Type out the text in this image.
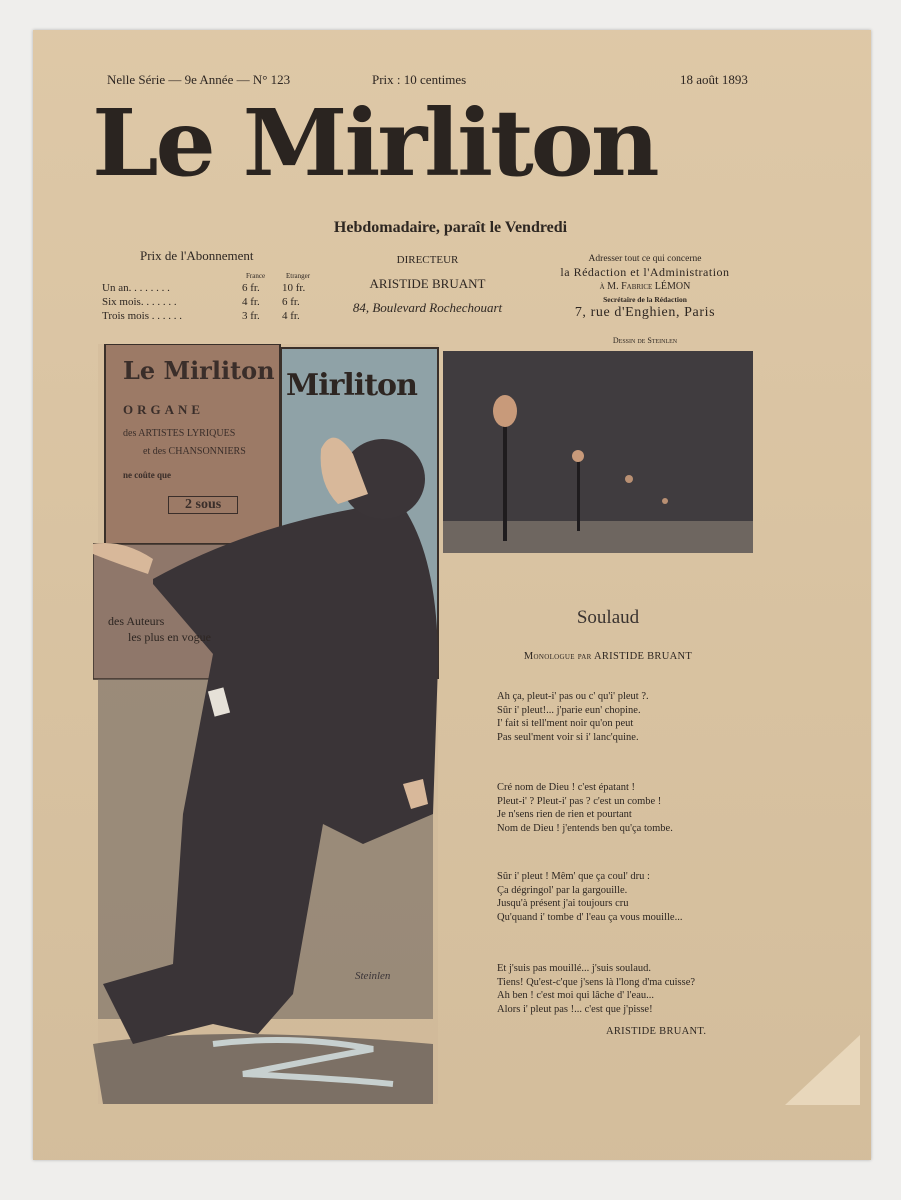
Nelle Série — 9e Année — N° 123	Prix : 10 centimes	18 août 1893
Le Mirliton
Hebdomadaire, paraît le Vendredi
Prix de l'Abonnement
France	Etranger
Un an. . . . . . . .	6 fr.	10 fr.
Six mois. . . . . . .	4 fr.	6 fr.
Trois mois . . . . . .	3 fr.	4 fr.
DIRECTEUR
ARISTIDE BRUANT
84, Boulevard Rochechouart
Adresser tout ce qui concerne
la Rédaction et l'Administration
à M. Fabrice LÉMON
Secrétaire de la Rédaction
7, rue d'Enghien, Paris
Dessin de Steinlen
Le Mirliton
ORGANE
des ARTISTES LYRIQUES
et des CHANSONNIERS
ne coûte que
2 sous
des Auteurs
les plus en vogue
Mirliton
Steinlen
Soulaud
Monologue par ARISTIDE BRUANT
Ah ça, pleut-i' pas ou c' qu'i' pleut ?.
Sûr i' pleut!... j'parie eun' chopine.
I' fait si tell'ment noir qu'on peut
Pas seul'ment voir si i' lanc'quine.
Cré nom de Dieu ! c'est épatant !
Pleut-i' ? Pleut-i' pas ? c'est un combe !
Je n'sens rien de rien et pourtant
Nom de Dieu ! j'entends ben qu'ça tombe.
Sûr i' pleut ! Mêm' que ça coul' dru :
Ça dégringol' par la gargouille.
Jusqu'à présent j'ai toujours cru
Qu'quand i' tombe d' l'eau ça vous mouille...
Et j'suis pas mouillé... j'suis soulaud.
Tiens! Qu'est-c'que j'sens là l'long d'ma cuisse?
Ah ben ! c'est moi qui lâche d' l'eau...
Alors i' pleut pas !... c'est que j'pisse!
ARISTIDE BRUANT.
